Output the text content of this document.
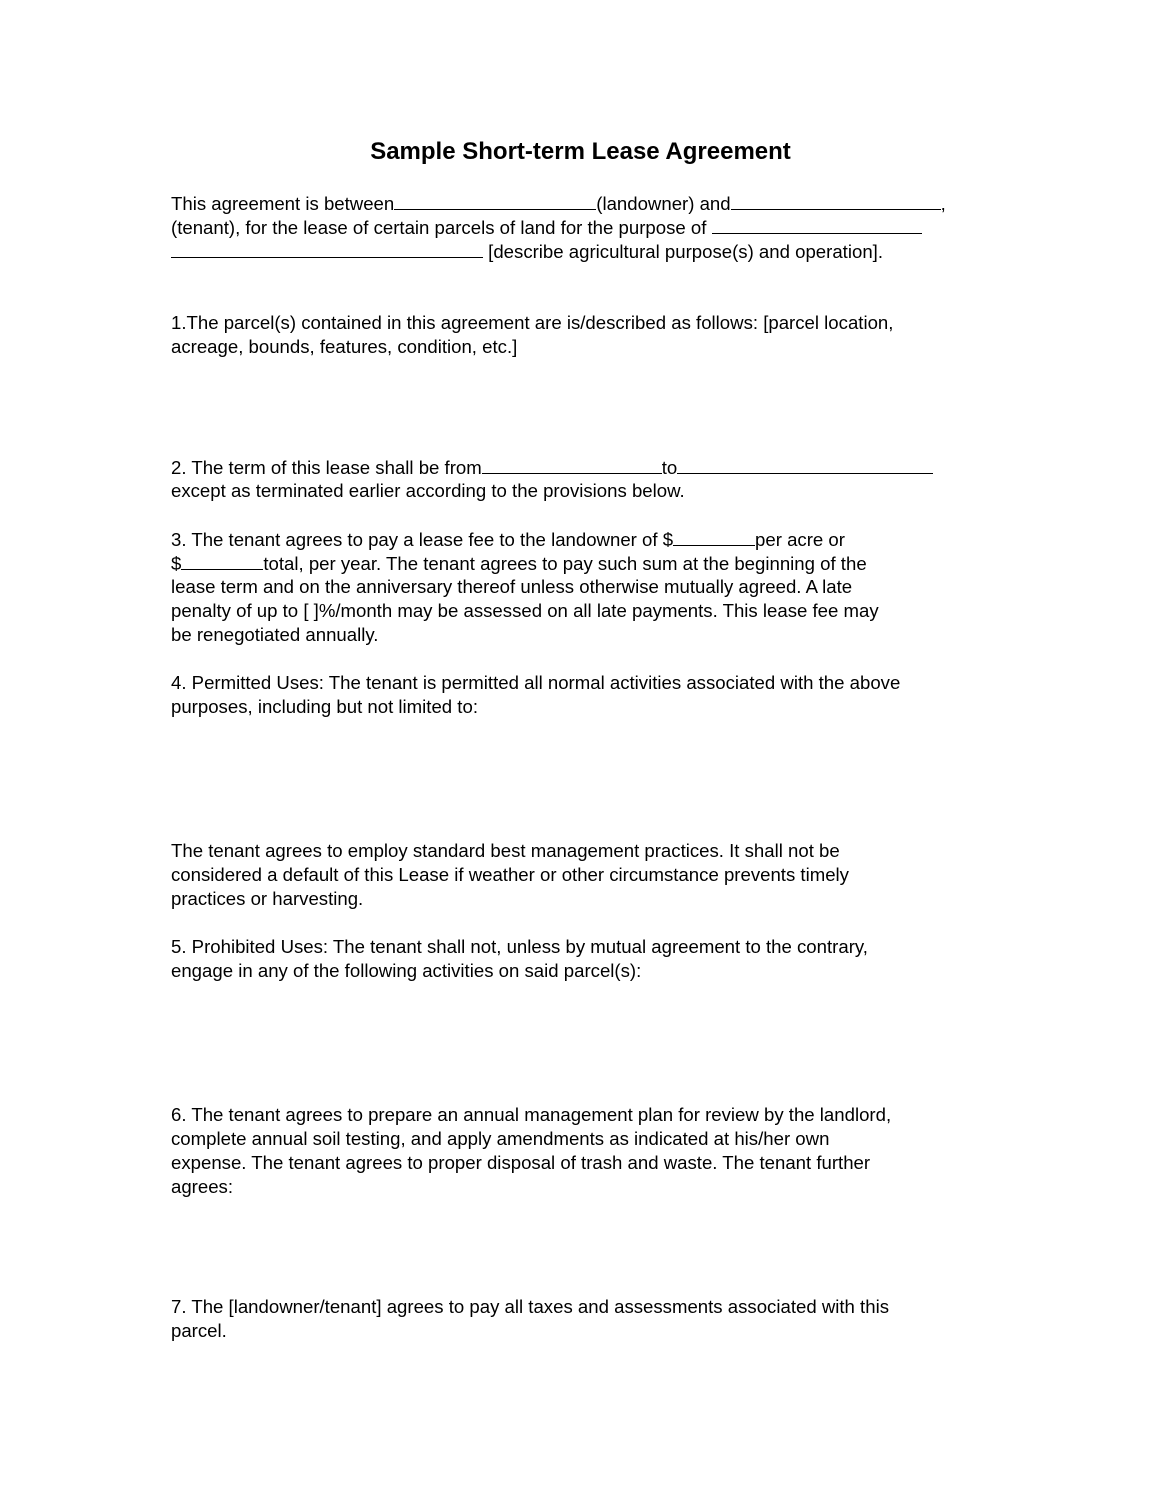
Sample Short-term Lease Agreement
This agreement is between	(landowner) and	,
(tenant), for the lease of certain parcels of land for the purpose of
[describe agricultural purpose(s) and operation].
1.The parcel(s) contained in this agreement are is/described as follows: [parcel location,
acreage, bounds, features, condition, etc.]
2. The term of this lease shall be from	to
except as terminated earlier according to the provisions below.
3. The tenant agrees to pay a lease fee to the landowner of $	per acre or
$	total, per year. The tenant agrees to pay such sum at the beginning of the
lease term and on the anniversary thereof unless otherwise mutually agreed. A late
penalty of up to [ ]%/month may be assessed on all late payments. This lease fee may
be renegotiated annually.
4. Permitted Uses: The tenant is permitted all normal activities associated with the above
purposes, including but not limited to:
The tenant agrees to employ standard best management practices. It shall not be
considered a default of this Lease if weather or other circumstance prevents timely
practices or harvesting.
5. Prohibited Uses: The tenant shall not, unless by mutual agreement to the contrary,
engage in any of the following activities on said parcel(s):
6. The tenant agrees to prepare an annual management plan for review by the landlord,
complete annual soil testing, and apply amendments as indicated at his/her own
expense. The tenant agrees to proper disposal of trash and waste. The tenant further
agrees:
7. The [landowner/tenant] agrees to pay all taxes and assessments associated with this
parcel.
